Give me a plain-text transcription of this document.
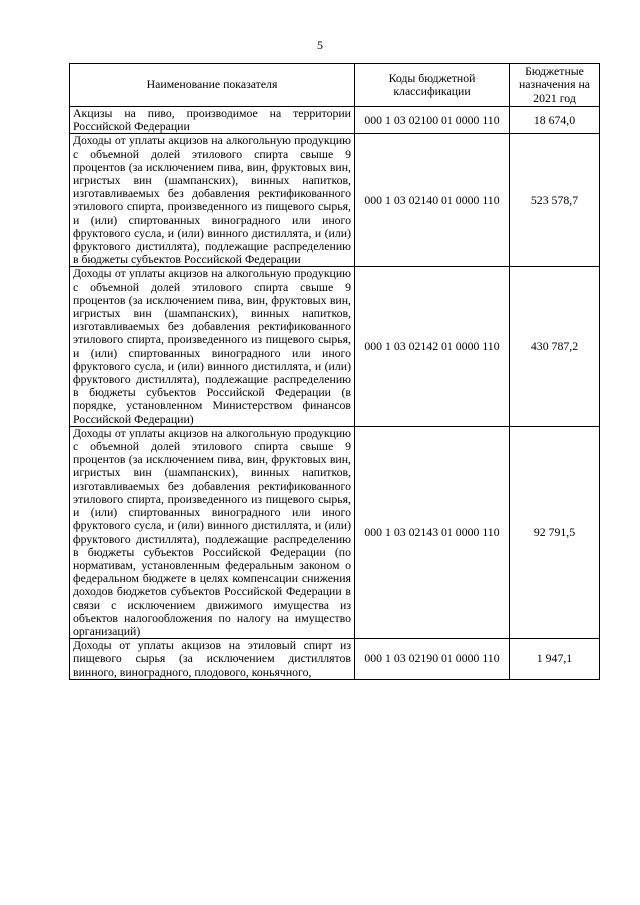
5
Наименование показателя	Коды бюджетной классификации	Бюджетные назначения на 2021 год
Акцизы на пиво, производимое на территории Российской Федерации	000 1 03 02100 01 0000 110	18 674,0
Доходы от уплаты акцизов на алкогольную продукцию с объемной долей этилового спирта свыше 9 процентов (за исключением пива, вин, фруктовых вин, игристых вин (шампанских), винных напитков, изготавливаемых без добавления ректификованного этилового спирта, произведенного из пищевого сырья, и (или) спиртованных виноградного или иного фруктового сусла, и (или) винного дистиллята, и (или) фруктового дистиллята), подлежащие распределению в бюджеты субъектов Российской Федерации	000 1 03 02140 01 0000 110	523 578,7
Доходы от уплаты акцизов на алкогольную продукцию с объемной долей этилового спирта свыше 9 процентов (за исключением пива, вин, фруктовых вин, игристых вин (шампанских), винных напитков, изготавливаемых без добавления ректификованного этилового спирта, произведенного из пищевого сырья, и (или) спиртованных виноградного или иного фруктового сусла, и (или) винного дистиллята, и (или) фруктового дистиллята), подлежащие распределению в бюджеты субъектов Российской Федерации (в порядке, установленном Министерством финансов Российской Федерации)	000 1 03 02142 01 0000 110	430 787,2
Доходы от уплаты акцизов на алкогольную продукцию с объемной долей этилового спирта свыше 9 процентов (за исключением пива, вин, фруктовых вин, игристых вин (шампанских), винных напитков, изготавливаемых без добавления ректификованного этилового спирта, произведенного из пищевого сырья, и (или) спиртованных виноградного или иного фруктового сусла, и (или) винного дистиллята, и (или) фруктового дистиллята), подлежащие распределению в бюджеты субъектов Российской Федерации (по нормативам, установленным федеральным законом о федеральном бюджете в целях компенсации снижения доходов бюджетов субъектов Российской Федерации в связи с исключением движимого имущества из объектов налогообложения по налогу на имущество организаций)	000 1 03 02143 01 0000 110	92 791,5
Доходы от уплаты акцизов на этиловый спирт из пищевого сырья (за исключением дистиллятов винного, виноградного, плодового, коньячного,	000 1 03 02190 01 0000 110	1 947,1
